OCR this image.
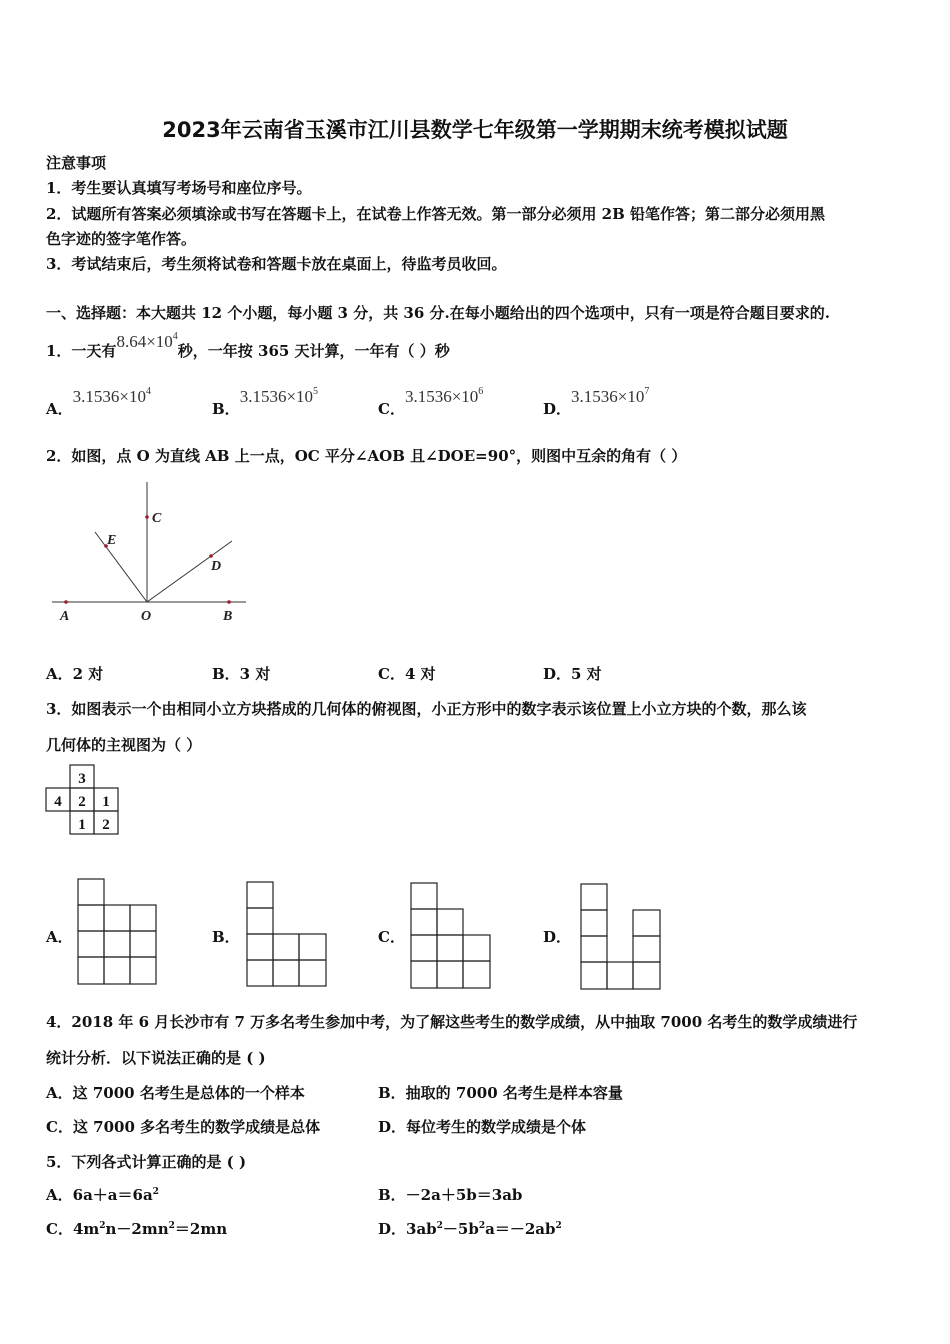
2023年云南省玉溪市江川县数学七年级第一学期期末统考模拟试题
注意事项
1．考生要认真填写考场号和座位序号。
2．试题所有答案必须填涂或书写在答题卡上，在试卷上作答无效。第一部分必须用 2B 铅笔作答；第二部分必须用黑
色字迹的签字笔作答。
3．考试结束后，考生须将试卷和答题卡放在桌面上，待监考员收回。
一、选择题：本大题共 12 个小题，每小题 3 分，共 36 分.在每小题给出的四个选项中，只有一项是符合题目要求的.
1．一天有$8.64\times 10^4$秒，一年按 365 天计算，一年有（ ）秒
A．$3.1536\times 10^4$
B．$3.1536\times 10^5$
C．$3.1536\times 10^6$
D．$3.1536\times 10^7$
2．如图，点 O 为直线 AB 上一点，OC 平分∠AOB 且∠DOE=90°，则图中互余的角有（ ）
A	O	B
C
D
E
A．2 对	B．3 对	C．4 对	D．5 对
3．如图表示一个由相同小立方块搭成的几何体的俯视图，小正方形中的数字表示该位置上小立方块的个数，那么该
几何体的主视图为（ ）
3
4 2 1
1 2
A．	B．	C．	D．
4．2018 年 6 月长沙市有 7 万多名考生参加中考，为了解这些考生的数学成绩，从中抽取 7000 名考生的数学成绩进行
统计分析．以下说法正确的是 ( )
A．这 7000 名考生是总体的一个样本	B．抽取的 7000 名考生是样本容量
C．这 7000 多名考生的数学成绩是总体	D．每位考生的数学成绩是个体
5．下列各式计算正确的是 ( )
A．$6a+a=6a^2$	B．－2a＋5b＝3ab
C．$4m^2n-2mn^2=2mn$	D．$3ab^2-5b^2a=-2ab^2$
